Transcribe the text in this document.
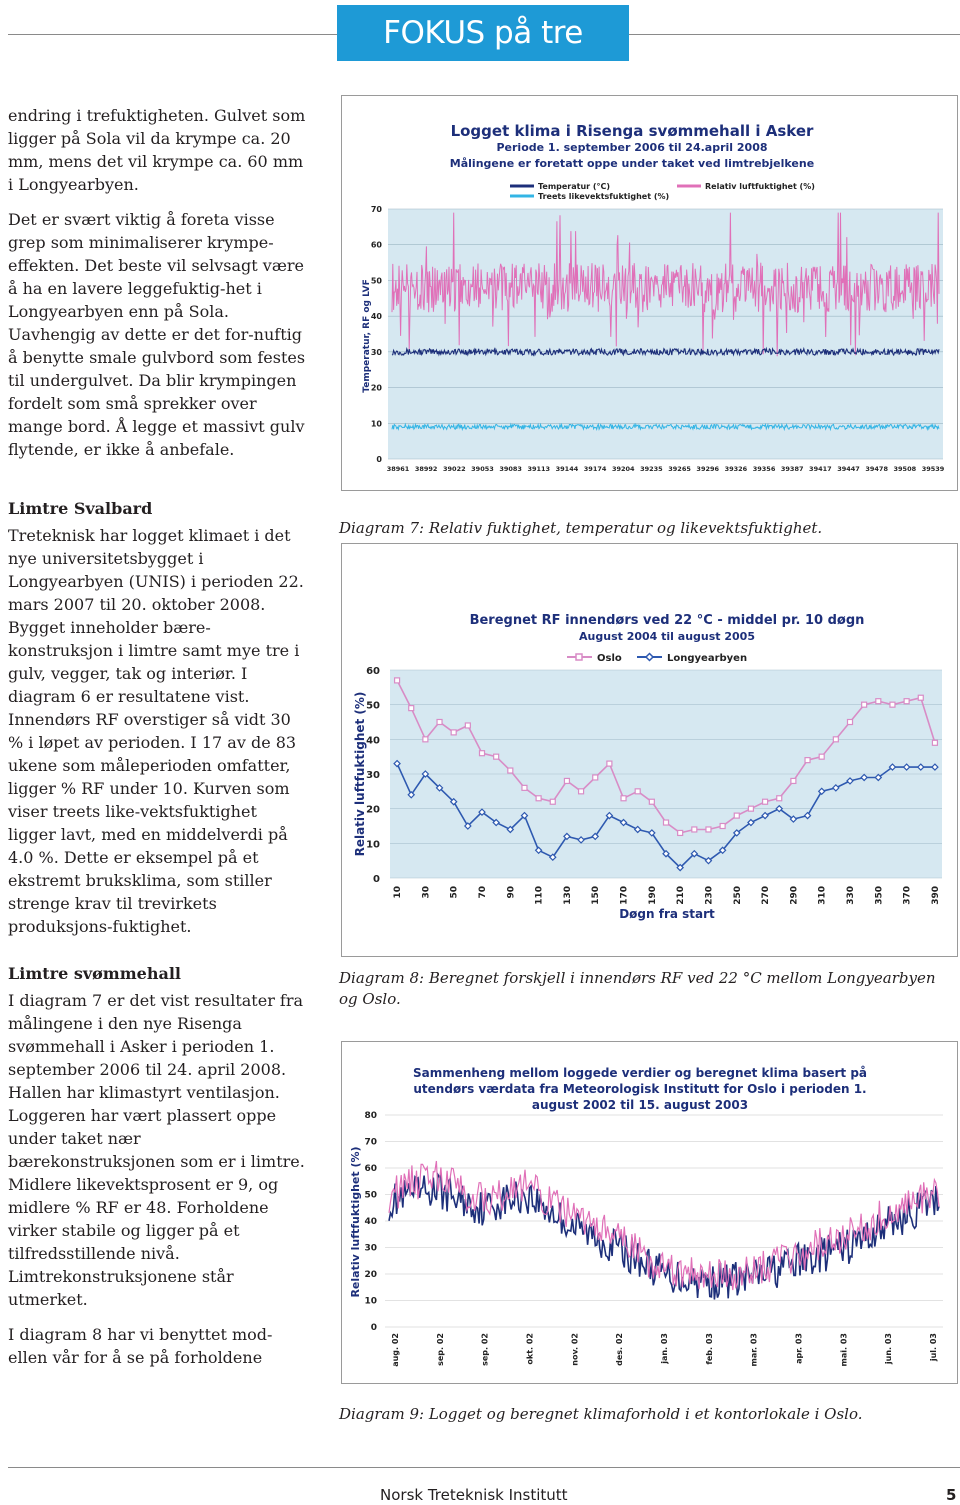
FOKUS på tre

endring i trefuktigheten. Gulvet som ligger på Sola vil da krympe ca. 20 mm, mens det vil krympe ca. 60 mm i Longyearbyen.

Det er svært viktig å foreta visse grep som minimaliserer krympe-effekten. Det beste vil selvsagt være å ha en lavere leggefuktig-het i Longyearbyen enn på Sola. Uavhengig av dette er det for-nuftig å benytte smale gulvbord som festes til undergulvet. Da blir krympingen fordelt som små sprekker over mange bord. Å legge et massivt gulv flytende, er ikke å anbefale.

Limtre Svalbard

Treteknisk har logget klimaet i det nye universitetsbygget i Longyearbyen (UNIS) i perioden 22. mars 2007 til 20. oktober 2008. Bygget inneholder bære-konstruksjon i limtre samt mye tre i gulv, vegger, tak og interiør. I diagram 6 er resultatene vist. Innendørs RF overstiger så vidt 30 % i løpet av perioden. I 17 av de 83 ukene som måleperioden omfatter, ligger % RF under 10. Kurven som viser treets like-vektsfuktighet ligger lavt, med en middelverdi på 4.0 %. Dette er eksempel på et ekstremt bruksklima, som stiller strenge krav til trevirkets produksjons-fuktighet.

Limtre svømmehall

I diagram 7 er det vist resultater fra målingene i den nye Risenga svømmehall i Asker i perioden 1. september 2006 til 24. april 2008. Hallen har klimastyrt ventilasjon. Loggeren har vært plassert oppe under taket nær bærekonstruksjonen som er i limtre. Midlere likevektsprosent er 9, og midlere % RF er 48. Forholdene virker stabile og ligger på et tilfredsstillende nivå. Limtrekonstruksjonene står utmerket.

I diagram 8 har vi benyttet mod-ellen vår for å se på forholdene

Logget klima i Risenga svømmehall i Asker
Periode 1. september 2006 til 24.april 2008
Målingene er foretatt oppe under taket ved limtrebjelkene
Temperatur (°C)
Treets likevektsfuktighet (%)
Relativ luftfuktighet (%)
0
10
20
30
40
50
60
70
38961 38992 39022 39053 39083 39113 39144 39174 39204 39235 39265 39296 39326 39356 39387 39417 39447 39478 39508 39539
Temperatur, RF og LVF
Diagram 7: Relativ fuktighet, temperatur og likevektsfuktighet.
Beregnet RF innendørs ved 22 °C - middel pr. 10 døgn
August 2004 til august 2005
Oslo	Longyearbyen
0
10
20
30
40
50
60
10 30 50 70 90 110 130 150 170 190 210 230 250 270 290 310 330 350 370 390
Døgn fra start
Relativ luftfuktighet (%)
Diagram 8: Beregnet forskjell i innendørs RF ved 22 °C mellom Longyearbyen og Oslo.
Sammenheng mellom loggede verdier og beregnet klima basert på
utendørs værdata fra Meteorologisk Institutt for Oslo i perioden 1.
august 2002 til 15. august 2003
0
10
20
30
40
50
60
70
80
aug. 02	sep. 02	sep. 02	okt. 02	nov. 02	des. 02	jan. 03	feb. 03	mar. 03	apr. 03	mai. 03	jun. 03	jul. 03
Relativ luftfuktighet (%)
Diagram 9: Logget og beregnet klimaforhold i et kontorlokale i Oslo.
Norsk Treteknisk Institutt	5
